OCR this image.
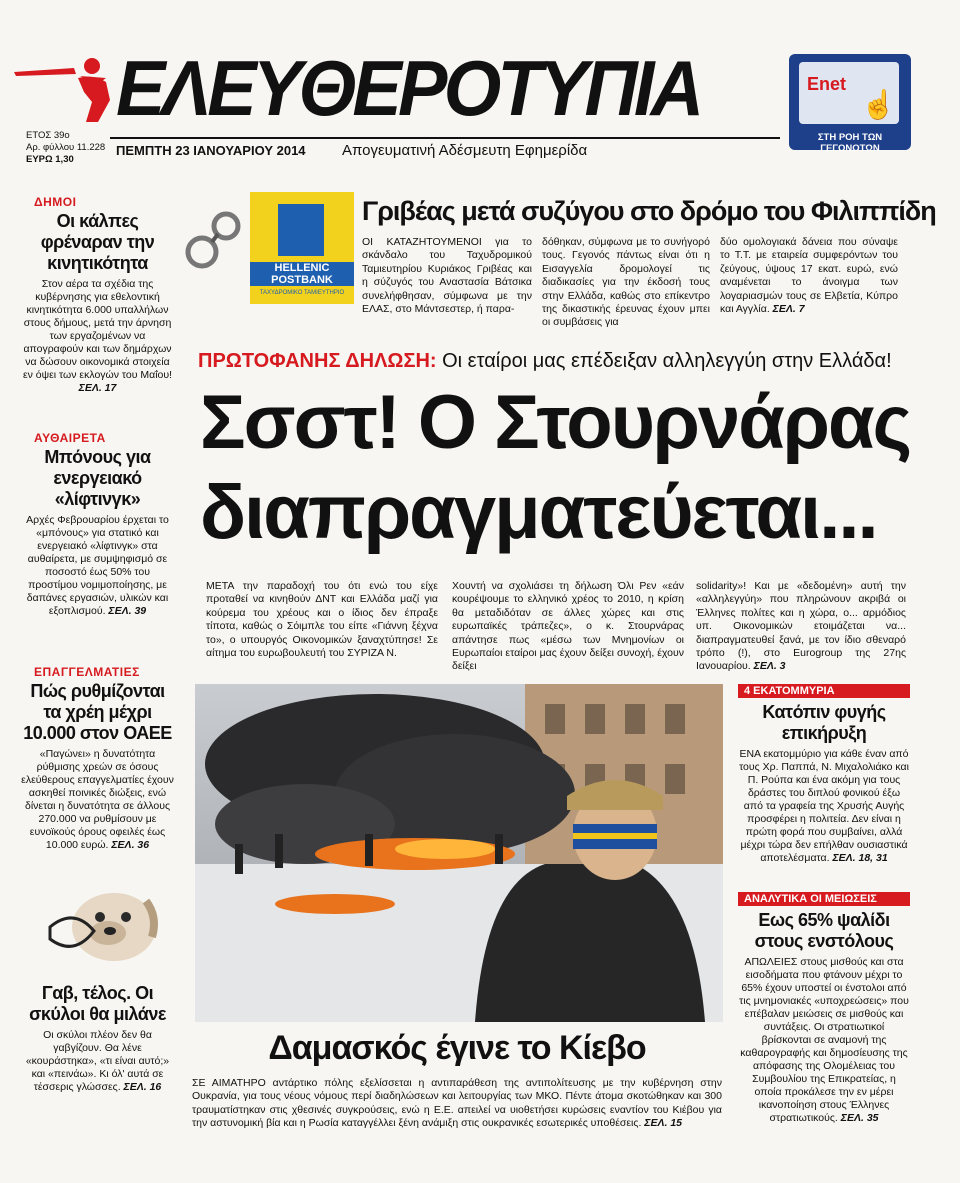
ΕΛΕΥΘΕΡΟΤΥΠΙΑ
ΕΤΟΣ 39ο
Αρ. φύλλου 11.228
ΕΥΡΩ 1,30
ΠΕΜΠΤΗ 23 ΙΑΝΟΥΑΡΙΟΥ 2014 Απογευματινή Αδέσμευτη Εφημερίδα
Enet
☝
ΣΤΗ ΡΟΗ ΤΩΝ ΓΕΓΟΝΟΤΩΝ
ΔΗΜΟΙ
Οι κάλπες φρέναραν την κινητικότητα
Στον αέρα τα σχέδια της κυβέρνησης για εθελοντική κινητικότητα 6.000 υπαλλήλων στους δήμους, μετά την άρνηση των εργαζομένων να απογραφούν και των δημάρχων να δώσουν οικονομικά στοιχεία εν όψει των εκλογών του Μαΐου! ΣΕΛ. 17
ΑΥΘΑΙΡΕΤΑ
Μπόνους για ενεργειακό «λίφτινγκ»
Αρχές Φεβρουαρίου έρχεται το «μπόνους» για στατικό και ενεργειακό «λίφτινγκ» στα αυθαίρετα, με συμψηφισμό σε ποσοστό έως 50% του προστίμου νομιμοποίησης, με δαπάνες εργασιών, υλικών και εξοπλισμού. ΣΕΛ. 39
ΕΠΑΓΓΕΛΜΑΤΙΕΣ
Πώς ρυθμίζονται τα χρέη μέχρι 10.000 στον ΟΑΕΕ
«Παγώνει» η δυνατότητα ρύθμισης χρεών σε όσους ελεύθερους επαγγελματίες έχουν ασκηθεί ποινικές διώξεις, ενώ δίνεται η δυνατότητα σε άλλους 270.000 να ρυθμίσουν με ευνοϊκούς όρους οφειλές έως 10.000 ευρώ. ΣΕΛ. 36
Γαβ, τέλος. Οι σκύλοι θα μιλάνε
Οι σκύλοι πλέον δεν θα γαβγίζουν. Θα λένε «κουράστηκα», «τι είναι αυτό;» και «πεινάω». Κι όλ' αυτά σε τέσσερις γλώσσες. ΣΕΛ. 16
HELLENIC POSTBANK
ΤΑΧΥΔΡΟΜΙΚΟ ΤΑΜΙΕΥΤΗΡΙΟ
Γριβέας μετά συζύγου στο δρόμο του Φιλιππίδη
ΟΙ ΚΑΤΑΖΗΤΟΥΜΕΝΟΙ για το σκάνδαλο του Ταχυδρομικού Ταμιευτηρίου Κυριάκος Γριβέας και η σύζυγός του Αναστασία Βάτσικα συνελήφθησαν, σύμφωνα με την ΕΛΑΣ, στο Μάντσεστερ, ή παρα-
δόθηκαν, σύμφωνα με το συνήγορό τους. Γεγονός πάντως είναι ότι η Εισαγγελία δρομολογεί τις διαδικασίες για την έκδοσή τους στην Ελλάδα, καθώς στο επίκεντρο της δικαστικής έρευνας έχουν μπει οι συμβάσεις για
δύο ομολογιακά δάνεια που σύναψε το Τ.Τ. με εταιρεία συμφερόντων του ζεύγους, ύψους 17 εκατ. ευρώ, ενώ αναμένεται το άνοιγμα των λογαριασμών τους σε Ελβετία, Κύπρο και Αγγλία. ΣΕΛ. 7
ΠΡΩΤΟΦΑΝΗΣ ΔΗΛΩΣΗ: Οι εταίροι μας επέδειξαν αλληλεγγύη στην Ελλάδα!
Σσστ! Ο Στουρνάρας
διαπραγματεύεται...
ΜΕΤΑ την παραδοχή του ότι ενώ του είχε προταθεί να κινηθούν ΔΝΤ και Ελλάδα μαζί για κούρεμα του χρέους και ο ίδιος δεν έπραξε τίποτα, καθώς ο Σόιμπλε του είπε «Γιάννη ξέχνα το», ο υπουργός Οικονομικών ξαναχτύπησε! Σε αίτημα του ευρωβουλευτή του ΣΥΡΙΖΑ Ν.
Χουντή να σχολιάσει τη δήλωση Όλι Ρεν «εάν κουρέψουμε το ελληνικό χρέος το 2010, η κρίση θα μεταδιδόταν σε άλλες χώρες και στις ευρωπαϊκές τράπεζες», ο κ. Στουρνάρας απάντησε πως «μέσω των Μνημονίων οι Ευρωπαίοι εταίροι μας έχουν δείξει συνοχή, έχουν δείξει
solidarity»! Και με «δεδομένη» αυτή την «αλληλεγγύη» που πληρώνουν ακριβά οι Έλληνες πολίτες και η χώρα, ο... αρμόδιος υπ. Οικονομικών ετοιμάζεται να... διαπραγματευθεί ξανά, με τον ίδιο σθεναρό τρόπο (!), στο Eurogroup της 27ης Ιανουαρίου. ΣΕΛ. 3
Δαμασκός έγινε το Κίεβο
ΣΕ ΑΙΜΑΤΗΡΟ αντάρτικο πόλης εξελίσσεται η αντιπαράθεση της αντιπολίτευσης με την κυβέρνηση στην Ουκρανία, για τους νέους νόμους περί διαδηλώσεων και λειτουργίας των ΜΚΟ. Πέντε άτομα σκοτώθηκαν και 300 τραυματίστηκαν στις χθεσινές συγκρούσεις, ενώ η Ε.Ε. απειλεί να υιοθετήσει κυρώσεις εναντίον του Κιέβου για την αστυνομική βία και η Ρωσία καταγγέλλει ξένη ανάμιξη στις ουκρανικές εσωτερικές υποθέσεις. ΣΕΛ. 15
4 ΕΚΑΤΟΜΜΥΡΙΑ
Κατόπιν φυγής επικήρυξη
ΕΝΑ εκατομμύριο για κάθε έναν από τους Χρ. Παππά, Ν. Μιχαλολιάκο και Π. Ρούπα και ένα ακόμη για τους δράστες του διπλού φονικού έξω από τα γραφεία της Χρυσής Αυγής προσφέρει η πολιτεία. Δεν είναι η πρώτη φορά που συμβαίνει, αλλά μέχρι τώρα δεν επήλθαν ουσιαστικά αποτελέσματα. ΣΕΛ. 18, 31
ΑΝΑΛΥΤΙΚΑ ΟΙ ΜΕΙΩΣΕΙΣ
Εως 65% ψαλίδι στους ενστόλους
ΑΠΩΛΕΙΕΣ στους μισθούς και στα εισοδήματα που φτάνουν μέχρι το 65% έχουν υποστεί οι ένστολοι από τις μνημονιακές «υποχρεώσεις» που επέβαλαν μειώσεις σε μισθούς και συντάξεις. Οι στρατιωτικοί βρίσκονται σε αναμονή της καθαρογραφής και δημοσίευσης της απόφασης της Ολομέλειας του Συμβουλίου της Επικρατείας, η οποία προκάλεσε την εν μέρει ικανοποίηση στους Έλληνες στρατιωτικούς. ΣΕΛ. 35
